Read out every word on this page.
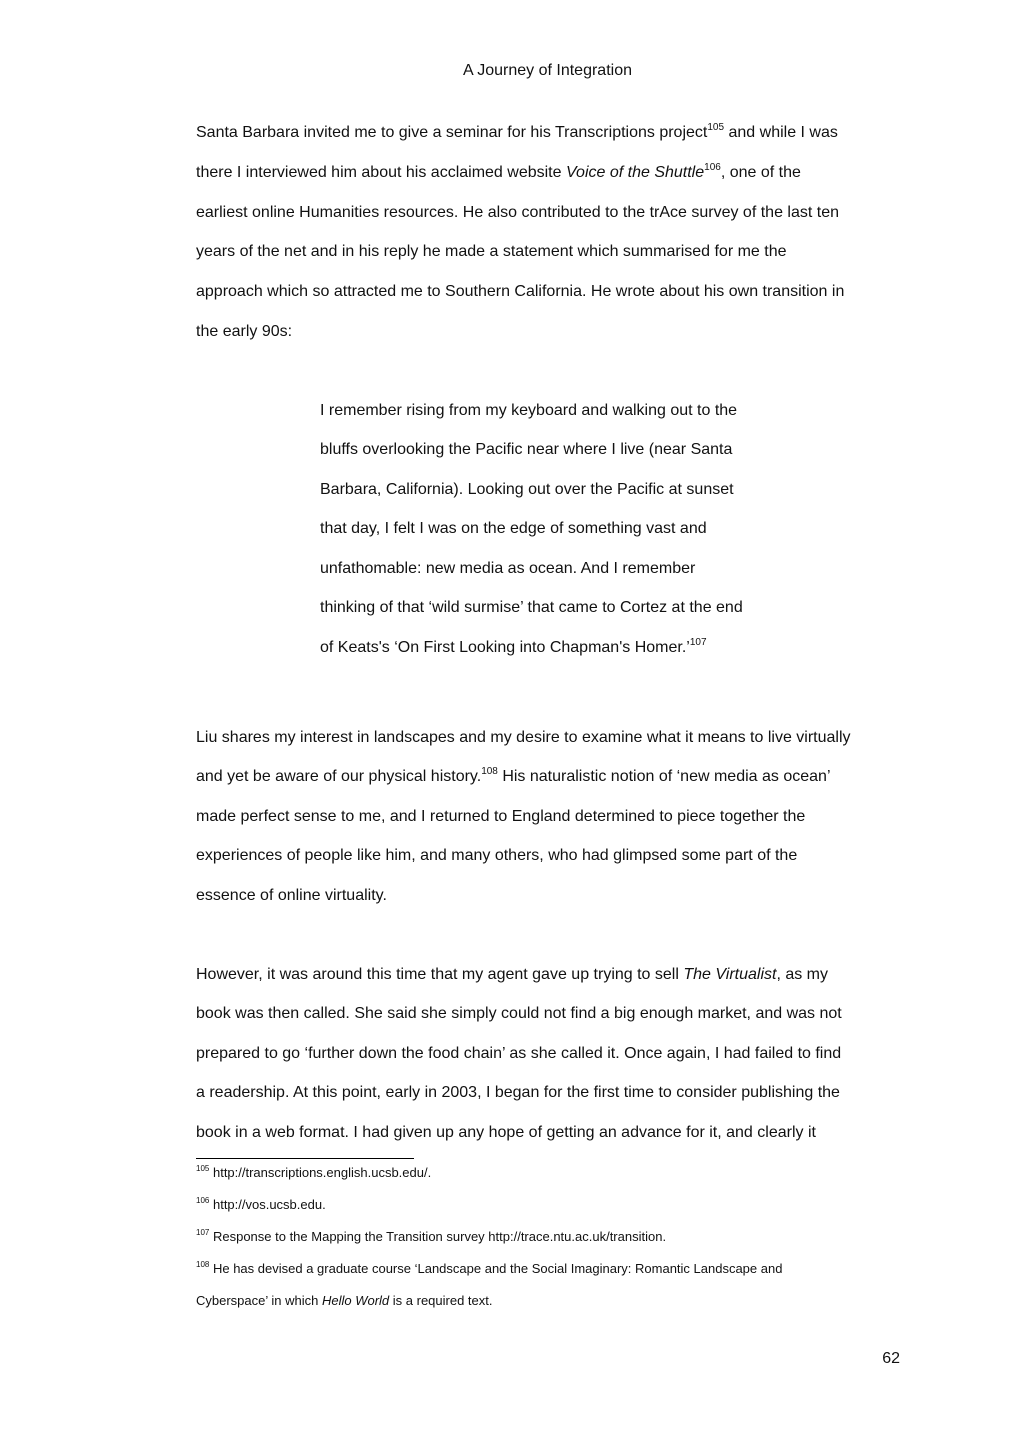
A Journey of Integration
Santa Barbara invited me to give a seminar for his Transcriptions project$^{105}$ and while I was
there I interviewed him about his acclaimed website Voice of the Shuttle$^{106}$, one of the
earliest online Humanities resources. He also contributed to the trAce survey of the last ten
years of the net and in his reply he made a statement which summarised for me the
approach which so attracted me to Southern California. He wrote about his own transition in
the early 90s:
I remember rising from my keyboard and walking out to the
bluffs overlooking the Pacific near where I live (near Santa
Barbara, California). Looking out over the Pacific at sunset
that day, I felt I was on the edge of something vast and
unfathomable: new media as ocean. And I remember
thinking of that ‘wild surmise’ that came to Cortez at the end
of Keats's ‘On First Looking into Chapman's Homer.’$^{107}$
Liu shares my interest in landscapes and my desire to examine what it means to live virtually
and yet be aware of our physical history.$^{108}$ His naturalistic notion of ‘new media as ocean’
made perfect sense to me, and I returned to England determined to piece together the
experiences of people like him, and many others, who had glimpsed some part of the
essence of online virtuality.
However, it was around this time that my agent gave up trying to sell The Virtualist, as my
book was then called. She said she simply could not find a big enough market, and was not
prepared to go ‘further down the food chain’ as she called it. Once again, I had failed to find
a readership. At this point, early in 2003, I began for the first time to consider publishing the
book in a web format. I had given up any hope of getting an advance for it, and clearly it
$^{105}$ http://transcriptions.english.ucsb.edu/.
$^{106}$ http://vos.ucsb.edu.
$^{107}$ Response to the Mapping the Transition survey http://trace.ntu.ac.uk/transition.
$^{108}$ He has devised a graduate course ‘Landscape and the Social Imaginary: Romantic Landscape and
Cyberspace’ in which Hello World is a required text.
62
